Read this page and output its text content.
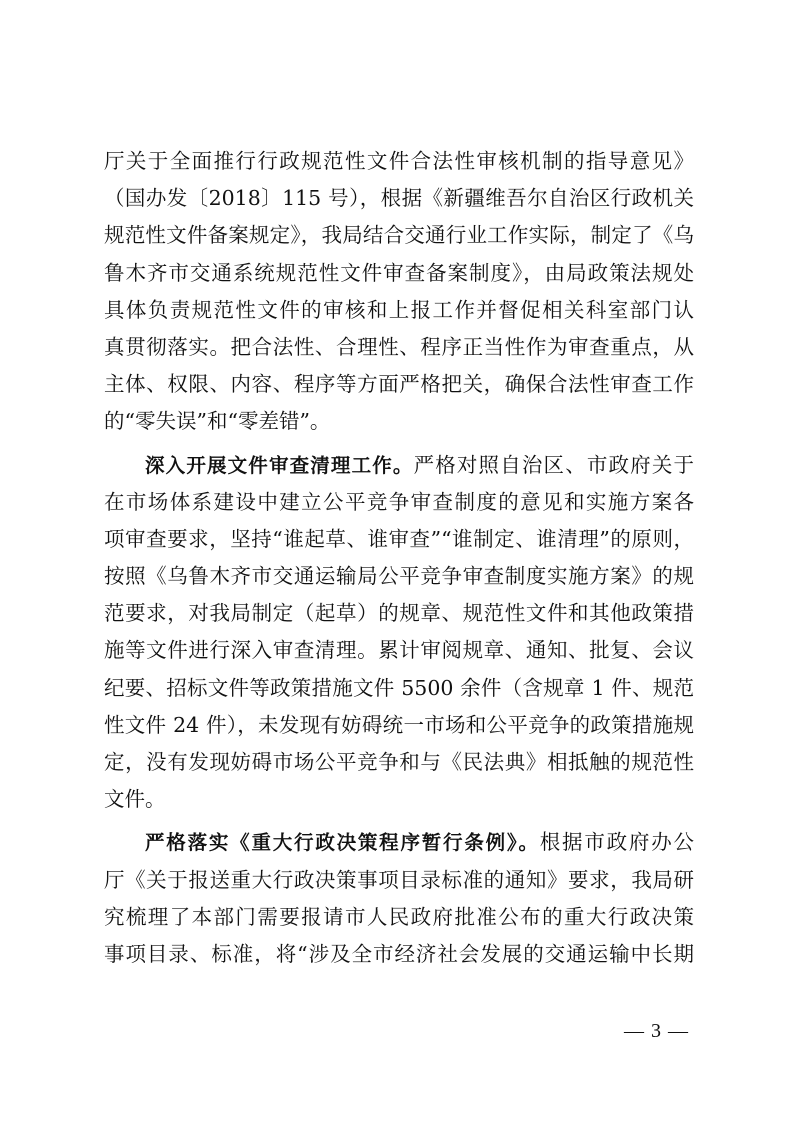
厅关于全面推行行政规范性文件合法性审核机制的指导意见》
（国办发〔2018〕115 号），根据《新疆维吾尔自治区行政机关
规范性文件备案规定》，我局结合交通行业工作实际，制定了《乌
鲁木齐市交通系统规范性文件审查备案制度》，由局政策法规处
具体负责规范性文件的审核和上报工作并督促相关科室部门认
真贯彻落实。把合法性、合理性、程序正当性作为审查重点，从
主体、权限、内容、程序等方面严格把关，确保合法性审查工作
的“零失误”和“零差错”。
深入开展文件审查清理工作。严格对照自治区、市政府关于
在市场体系建设中建立公平竞争审查制度的意见和实施方案各
项审查要求，坚持“谁起草、谁审查”“谁制定、谁清理”的原则，
按照《乌鲁木齐市交通运输局公平竞争审查制度实施方案》的规
范要求，对我局制定（起草）的规章、规范性文件和其他政策措
施等文件进行深入审查清理。累计审阅规章、通知、批复、会议
纪要、招标文件等政策措施文件 5500 余件（含规章 1 件、规范
性文件 24 件），未发现有妨碍统一市场和公平竞争的政策措施规
定，没有发现妨碍市场公平竞争和与《民法典》相抵触的规范性
文件。
严格落实《重大行政决策程序暂行条例》。根据市政府办公
厅《关于报送重大行政决策事项目录标准的通知》要求，我局研
究梳理了本部门需要报请市人民政府批准公布的重大行政决策
事项目录、标准，将“涉及全市经济社会发展的交通运输中长期
— 3 —
